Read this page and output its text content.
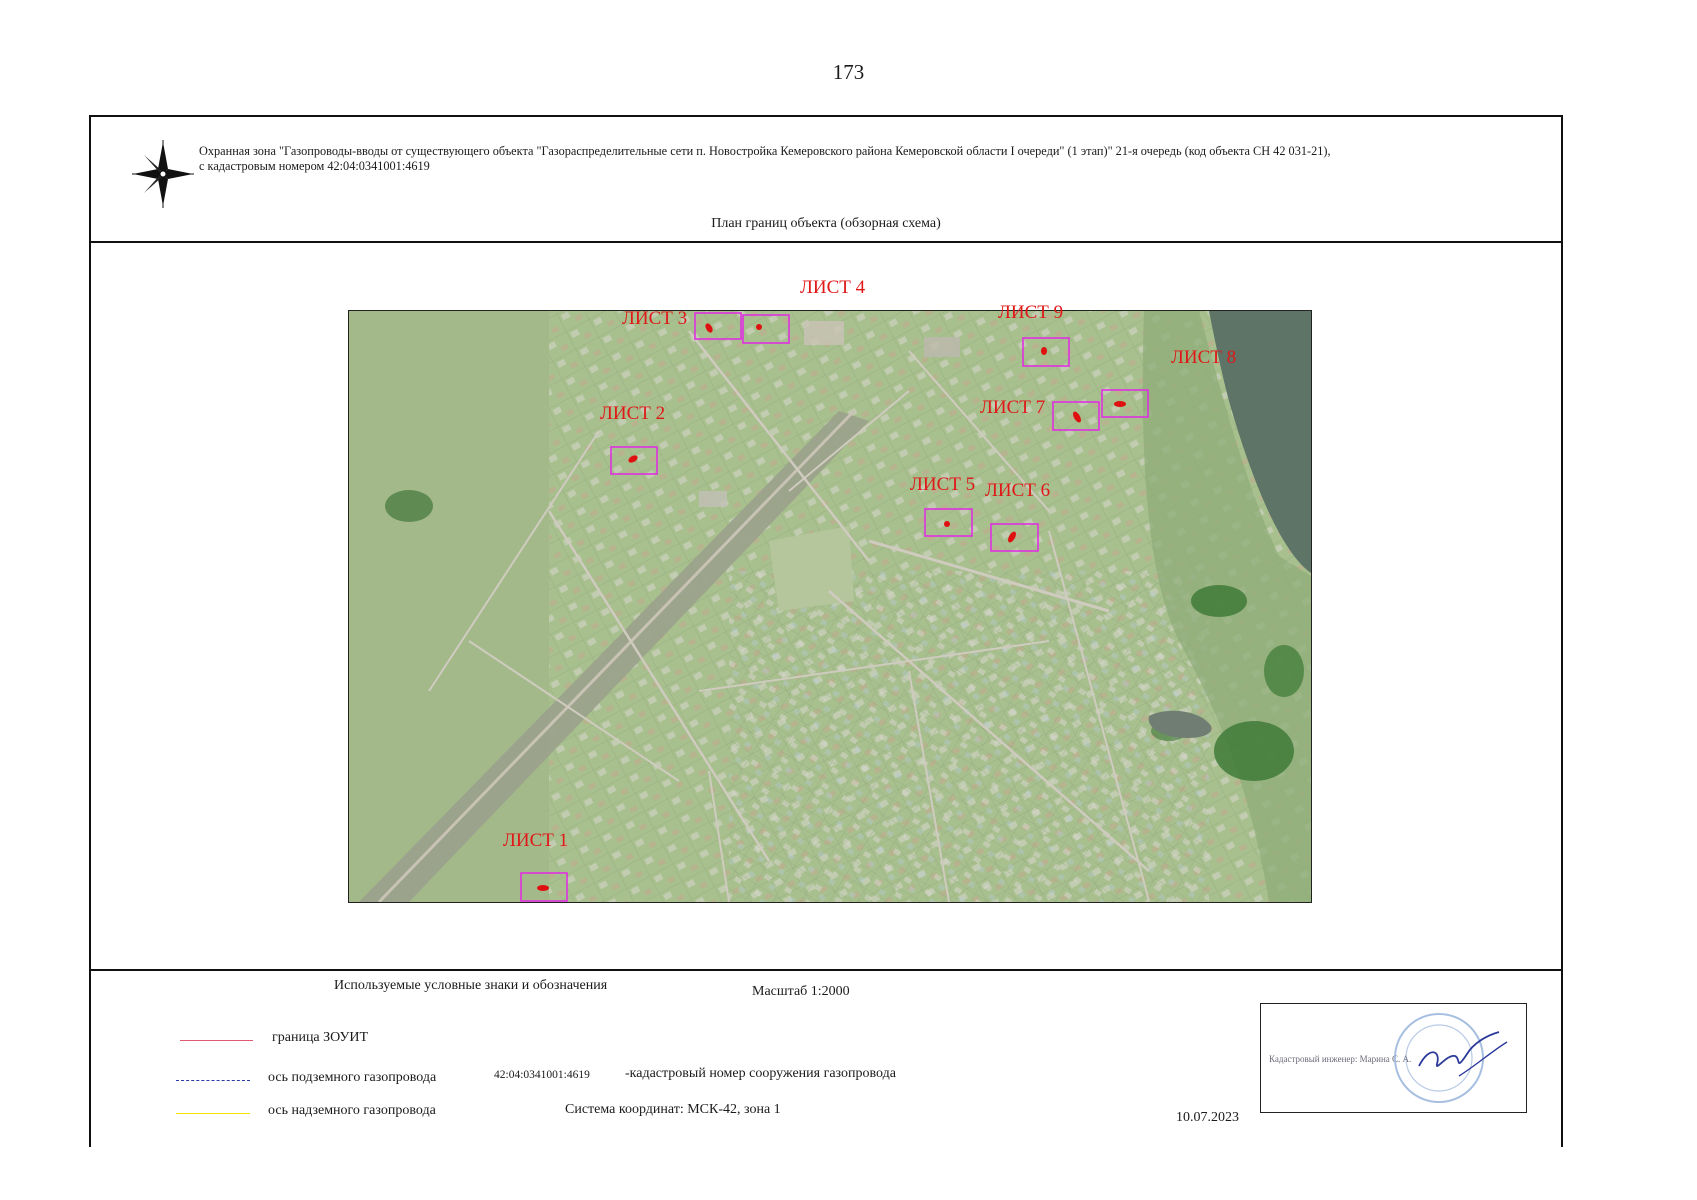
173
Охранная зона "Газопроводы-вводы от существующего объекта "Газораспределительные сети п. Новостройка Кемеровского района Кемеровской области I очереди" (1 этап)" 21-я очередь (код объекта СН 42 031-21),
с кадастровым номером 42:04:0341001:4619
План границ объекта (обзорная схема)
ЛИСТ 1
ЛИСТ 2
ЛИСТ 3
ЛИСТ 4
ЛИСТ 5 ЛИСТ 6
ЛИСТ 7
ЛИСТ 8
ЛИСТ 9
Используемые условные знаки и обозначения	Масштаб 1:2000
граница ЗОУИТ
ось подземного газопровода
ось надземного газопровода
42:04:0341001:4619	-кадастровый номер сооружения газопровода
Система координат: МСК-42, зона 1
10.07.2023
Кадастровый инженер: Марина С. А.
